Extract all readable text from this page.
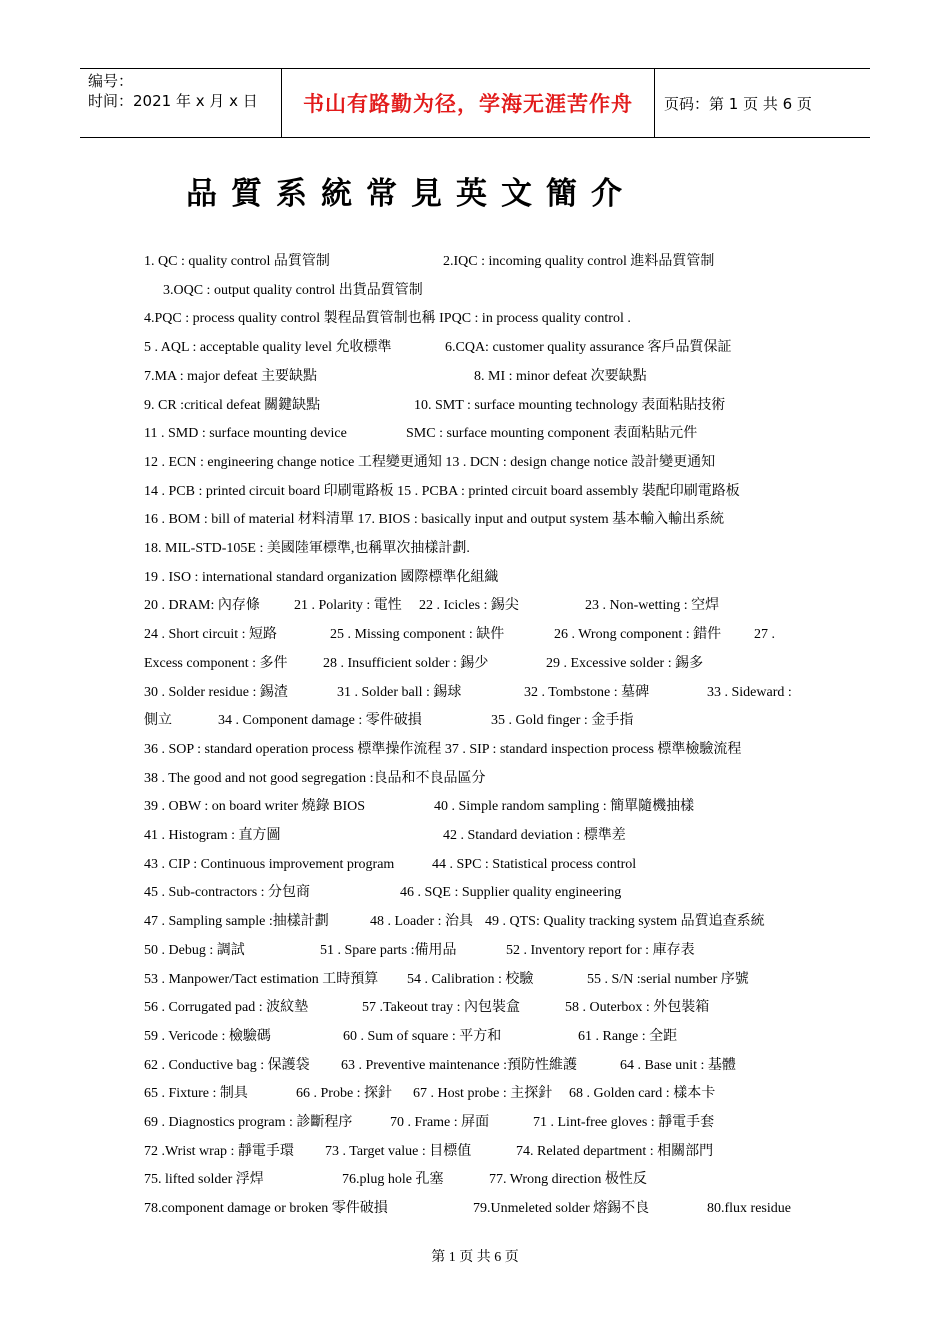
编号：
时间：2021 年 x 月 x 日	书山有路勤为径，学海无涯苦作舟	页码：第 1 页 共 6 页
品質系統常見英文簡介
1. QC : quality control 品質管制	2.IQC : incoming quality control 進料品質管制
3.OQC : output quality control 出貨品質管制
4.PQC : process quality control 製程品質管制也稱 IPQC : in process quality control .
5 . AQL : acceptable quality level 允收標準	6.CQA: customer quality assurance 客戶品質保証
7.MA : major defeat 主要缺點	8. MI : minor defeat 次要缺點
9. CR :critical defeat 關鍵缺點	10. SMT : surface mounting technology 表面粘貼技術
11 . SMD : surface mounting device	SMC : surface mounting component 表面粘貼元件
12 . ECN : engineering change notice 工程變更通知 13 . DCN : design change notice 設計變更通知
14 . PCB : printed circuit board 印刷電路板 15 . PCBA : printed circuit board assembly 裝配印刷電路板
16 . BOM : bill of material 材料清單 17. BIOS : basically input and output system 基本輸入輸出系統
18. MIL-STD-105E : 美國陸軍標準,也稱單次抽樣計劃.
19 . ISO : international standard organization 國際標準化組織
20 . DRAM: 內存條 21 . Polarity : 電性 22 . Icicles : 錫尖	23 . Non-wetting : 空焊
24 . Short circuit : 短路	25 . Missing component : 缺件	26 . Wrong component : 錯件 27 .
Excess component : 多件	28 . Insufficient solder : 錫少	29 . Excessive solder : 錫多
30 . Solder residue : 錫渣	31 . Solder ball : 錫球	32 . Tombstone : 墓碑	33 . Sideward :
側立	34 . Component damage : 零件破損	35 . Gold finger : 金手指
36 . SOP : standard operation process 標準操作流程 37 . SIP : standard inspection process 標準檢驗流程
38 . The good and not good segregation :良品和不良品區分
39 . OBW : on board writer 燒錄 BIOS	40 . Simple random sampling : 簡單隨機抽樣
41 . Histogram : 直方圖	42 . Standard deviation : 標準差
43 . CIP : Continuous improvement program	44 . SPC : Statistical process control
45 . Sub-contractors : 分包商	46 . SQE : Supplier quality engineering
47 . Sampling sample :抽樣計劃	48 . Loader : 治具 49 . QTS: Quality tracking system 品質追查系統
50 . Debug : 調試	51 . Spare parts :備用品	52 . Inventory report for : 庫存表
53 . Manpower/Tact estimation 工時預算 54 . Calibration : 校驗	55 . S/N :serial number 序號
56 . Corrugated pad : 波紋墊	57 .Takeout tray : 內包裝盒	58 . Outerbox : 外包裝箱
59 . Vericode : 檢驗碼	60 . Sum of square : 平方和	61 . Range : 全距
62 . Conductive bag : 保護袋 63 . Preventive maintenance :預防性維護	64 . Base unit : 基體
65 . Fixture : 制具	66 . Probe : 探針 67 . Host probe : 主探針 68 . Golden card : 樣本卡
69 . Diagnostics program : 診斷程序	70 . Frame : 屏面	71 . Lint-free gloves : 靜電手套
72 .Wrist wrap : 靜電手環 73 . Target value : 目標值	74. Related department : 相關部門
75. lifted solder 浮焊	76.plug hole 孔塞	77. Wrong direction 极性反
78.component damage or broken 零件破損	79.Unmeleted solder 熔錫不良	80.flux residue
第 1 页 共 6 页
